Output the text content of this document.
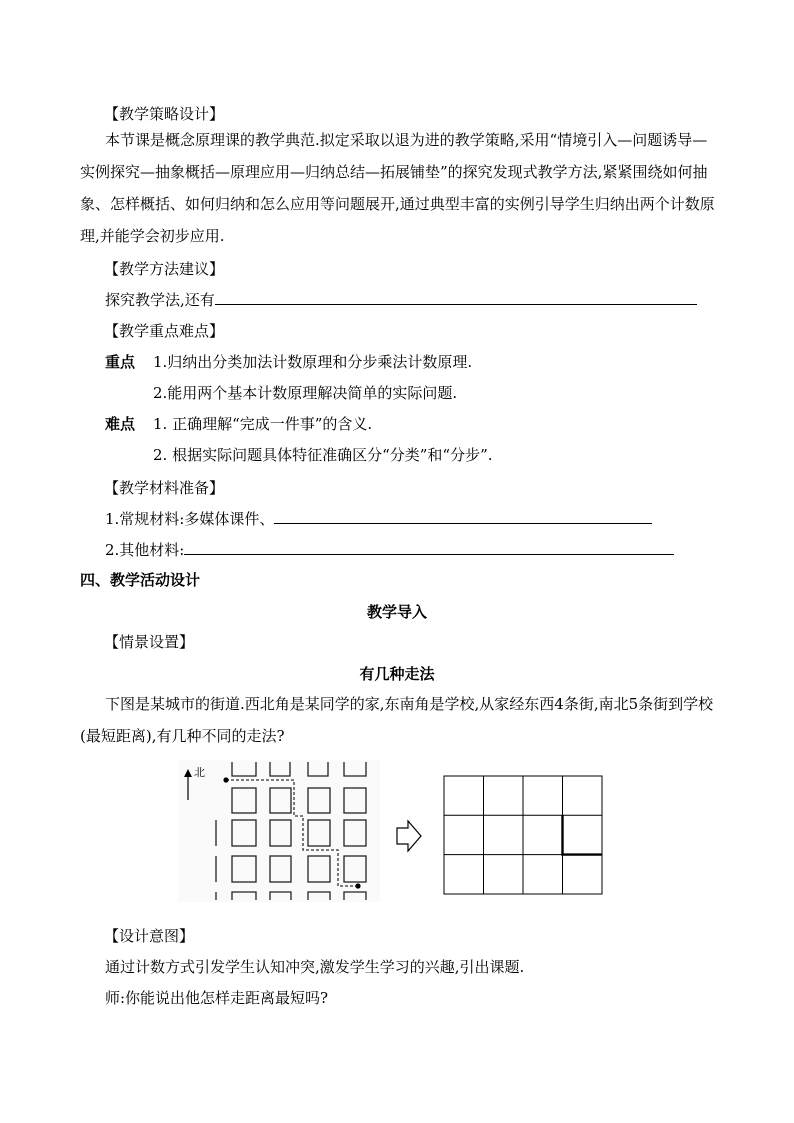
【教学策略设计】
本节课是概念原理课的教学典范.拟定采取以退为进的教学策略,采用“情境引入—问题诱导—实例探究—抽象概括—原理应用—归纳总结—拓展铺垫”的探究发现式教学方法,紧紧围绕如何抽象、怎样概括、如何归纳和怎么应用等问题展开,通过典型丰富的实例引导学生归纳出两个计数原理,并能学会初步应用.
【教学方法建议】
探究教学法,还有
【教学重点难点】
重点 1.归纳出分类加法计数原理和分步乘法计数原理.
2.能用两个基本计数原理解决简单的实际问题.
难点 1. 正确理解“完成一件事”的含义.
2. 根据实际问题具体特征准确区分“分类”和“分步”.
【教学材料准备】
1.常规材料:多媒体课件、
2.其他材料:
四、教学活动设计
教学导入
【情景设置】
有几种走法
下图是某城市的街道.西北角是某同学的家,东南角是学校,从家经东西4条街,南北5条街到学校(最短距离),有几种不同的走法?
北
【设计意图】
通过计数方式引发学生认知冲突,激发学生学习的兴趣,引出课题.
师:你能说出他怎样走距离最短吗?
